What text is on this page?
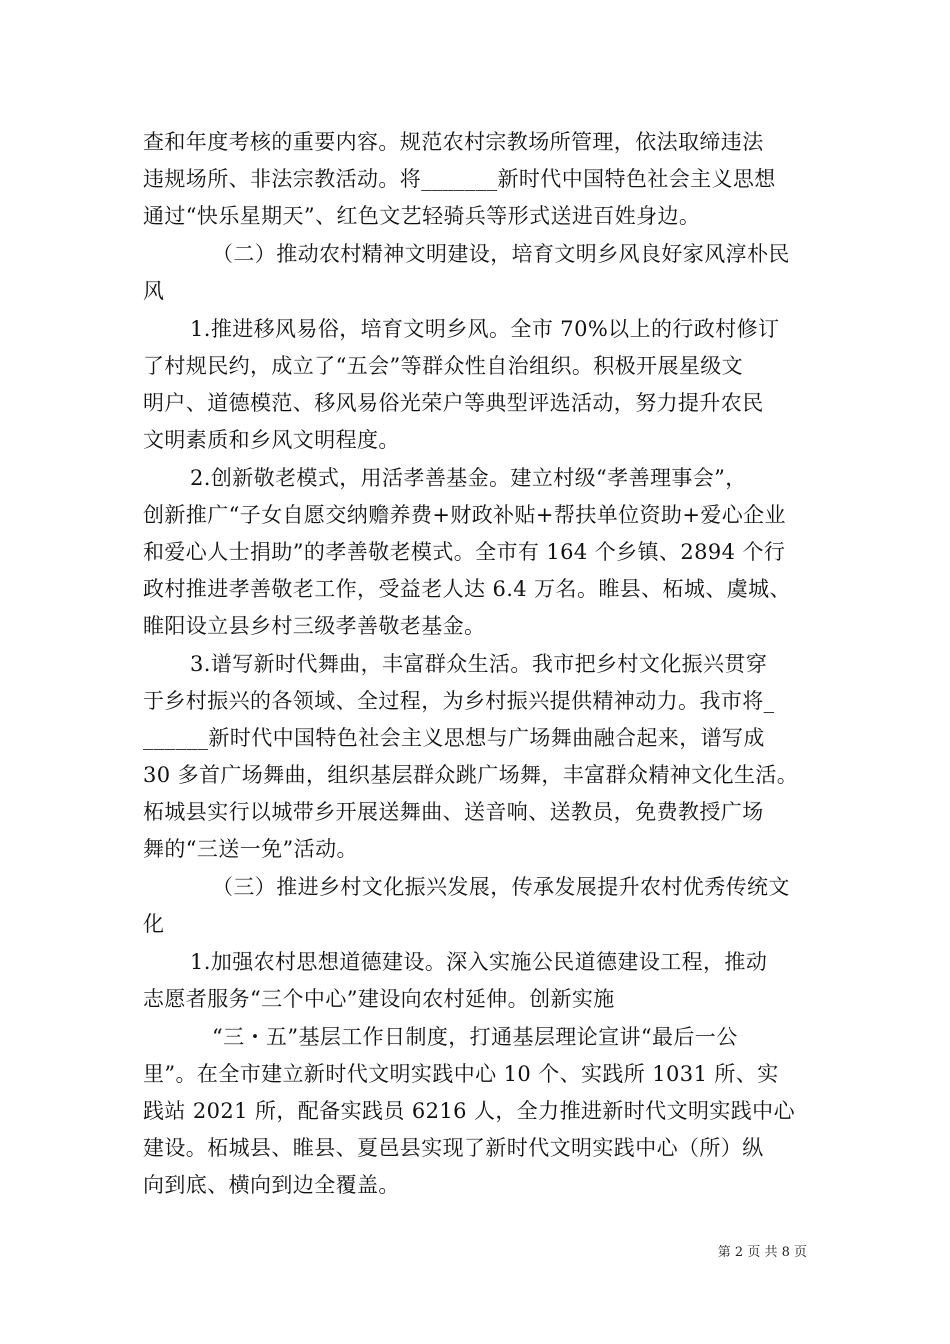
查和年度考核的重要内容。规范农村宗教场所管理，依法取缔违法
违规场所、非法宗教活动。将_______新时代中国特色社会主义思想
通过“快乐星期天”、红色文艺轻骑兵等形式送进百姓身边。
（二）推动农村精神文明建设，培育文明乡风良好家风淳朴民
风
1.推进移风易俗，培育文明乡风。全市 70%以上的行政村修订
了村规民约，成立了“五会”等群众性自治组织。积极开展星级文
明户、道德模范、移风易俗光荣户等典型评选活动，努力提升农民
文明素质和乡风文明程度。
2.创新敬老模式，用活孝善基金。建立村级“孝善理事会”，
创新推广“子女自愿交纳赡养费+财政补贴+帮扶单位资助+爱心企业
和爱心人士捐助”的孝善敬老模式。全市有 164 个乡镇、2894 个行
政村推进孝善敬老工作，受益老人达 6.4 万名。睢县、柘城、虞城、
睢阳设立县乡村三级孝善敬老基金。
3.谱写新时代舞曲，丰富群众生活。我市把乡村文化振兴贯穿
于乡村振兴的各领域、全过程，为乡村振兴提供精神动力。我市将_
______新时代中国特色社会主义思想与广场舞曲融合起来，谱写成
30 多首广场舞曲，组织基层群众跳广场舞，丰富群众精神文化生活。
柘城县实行以城带乡开展送舞曲、送音响、送教员，免费教授广场
舞的“三送一免”活动。
（三）推进乡村文化振兴发展，传承发展提升农村优秀传统文
化
1.加强农村思想道德建设。深入实施公民道德建设工程，推动
志愿者服务“三个中心”建设向农村延伸。创新实施
“三・五”基层工作日制度，打通基层理论宣讲“最后一公
里”。在全市建立新时代文明实践中心 10 个、实践所 1031 所、实
践站 2021 所，配备实践员 6216 人，全力推进新时代文明实践中心
建设。柘城县、睢县、夏邑县实现了新时代文明实践中心（所）纵
向到底、横向到边全覆盖。
第 2 页 共 8 页
